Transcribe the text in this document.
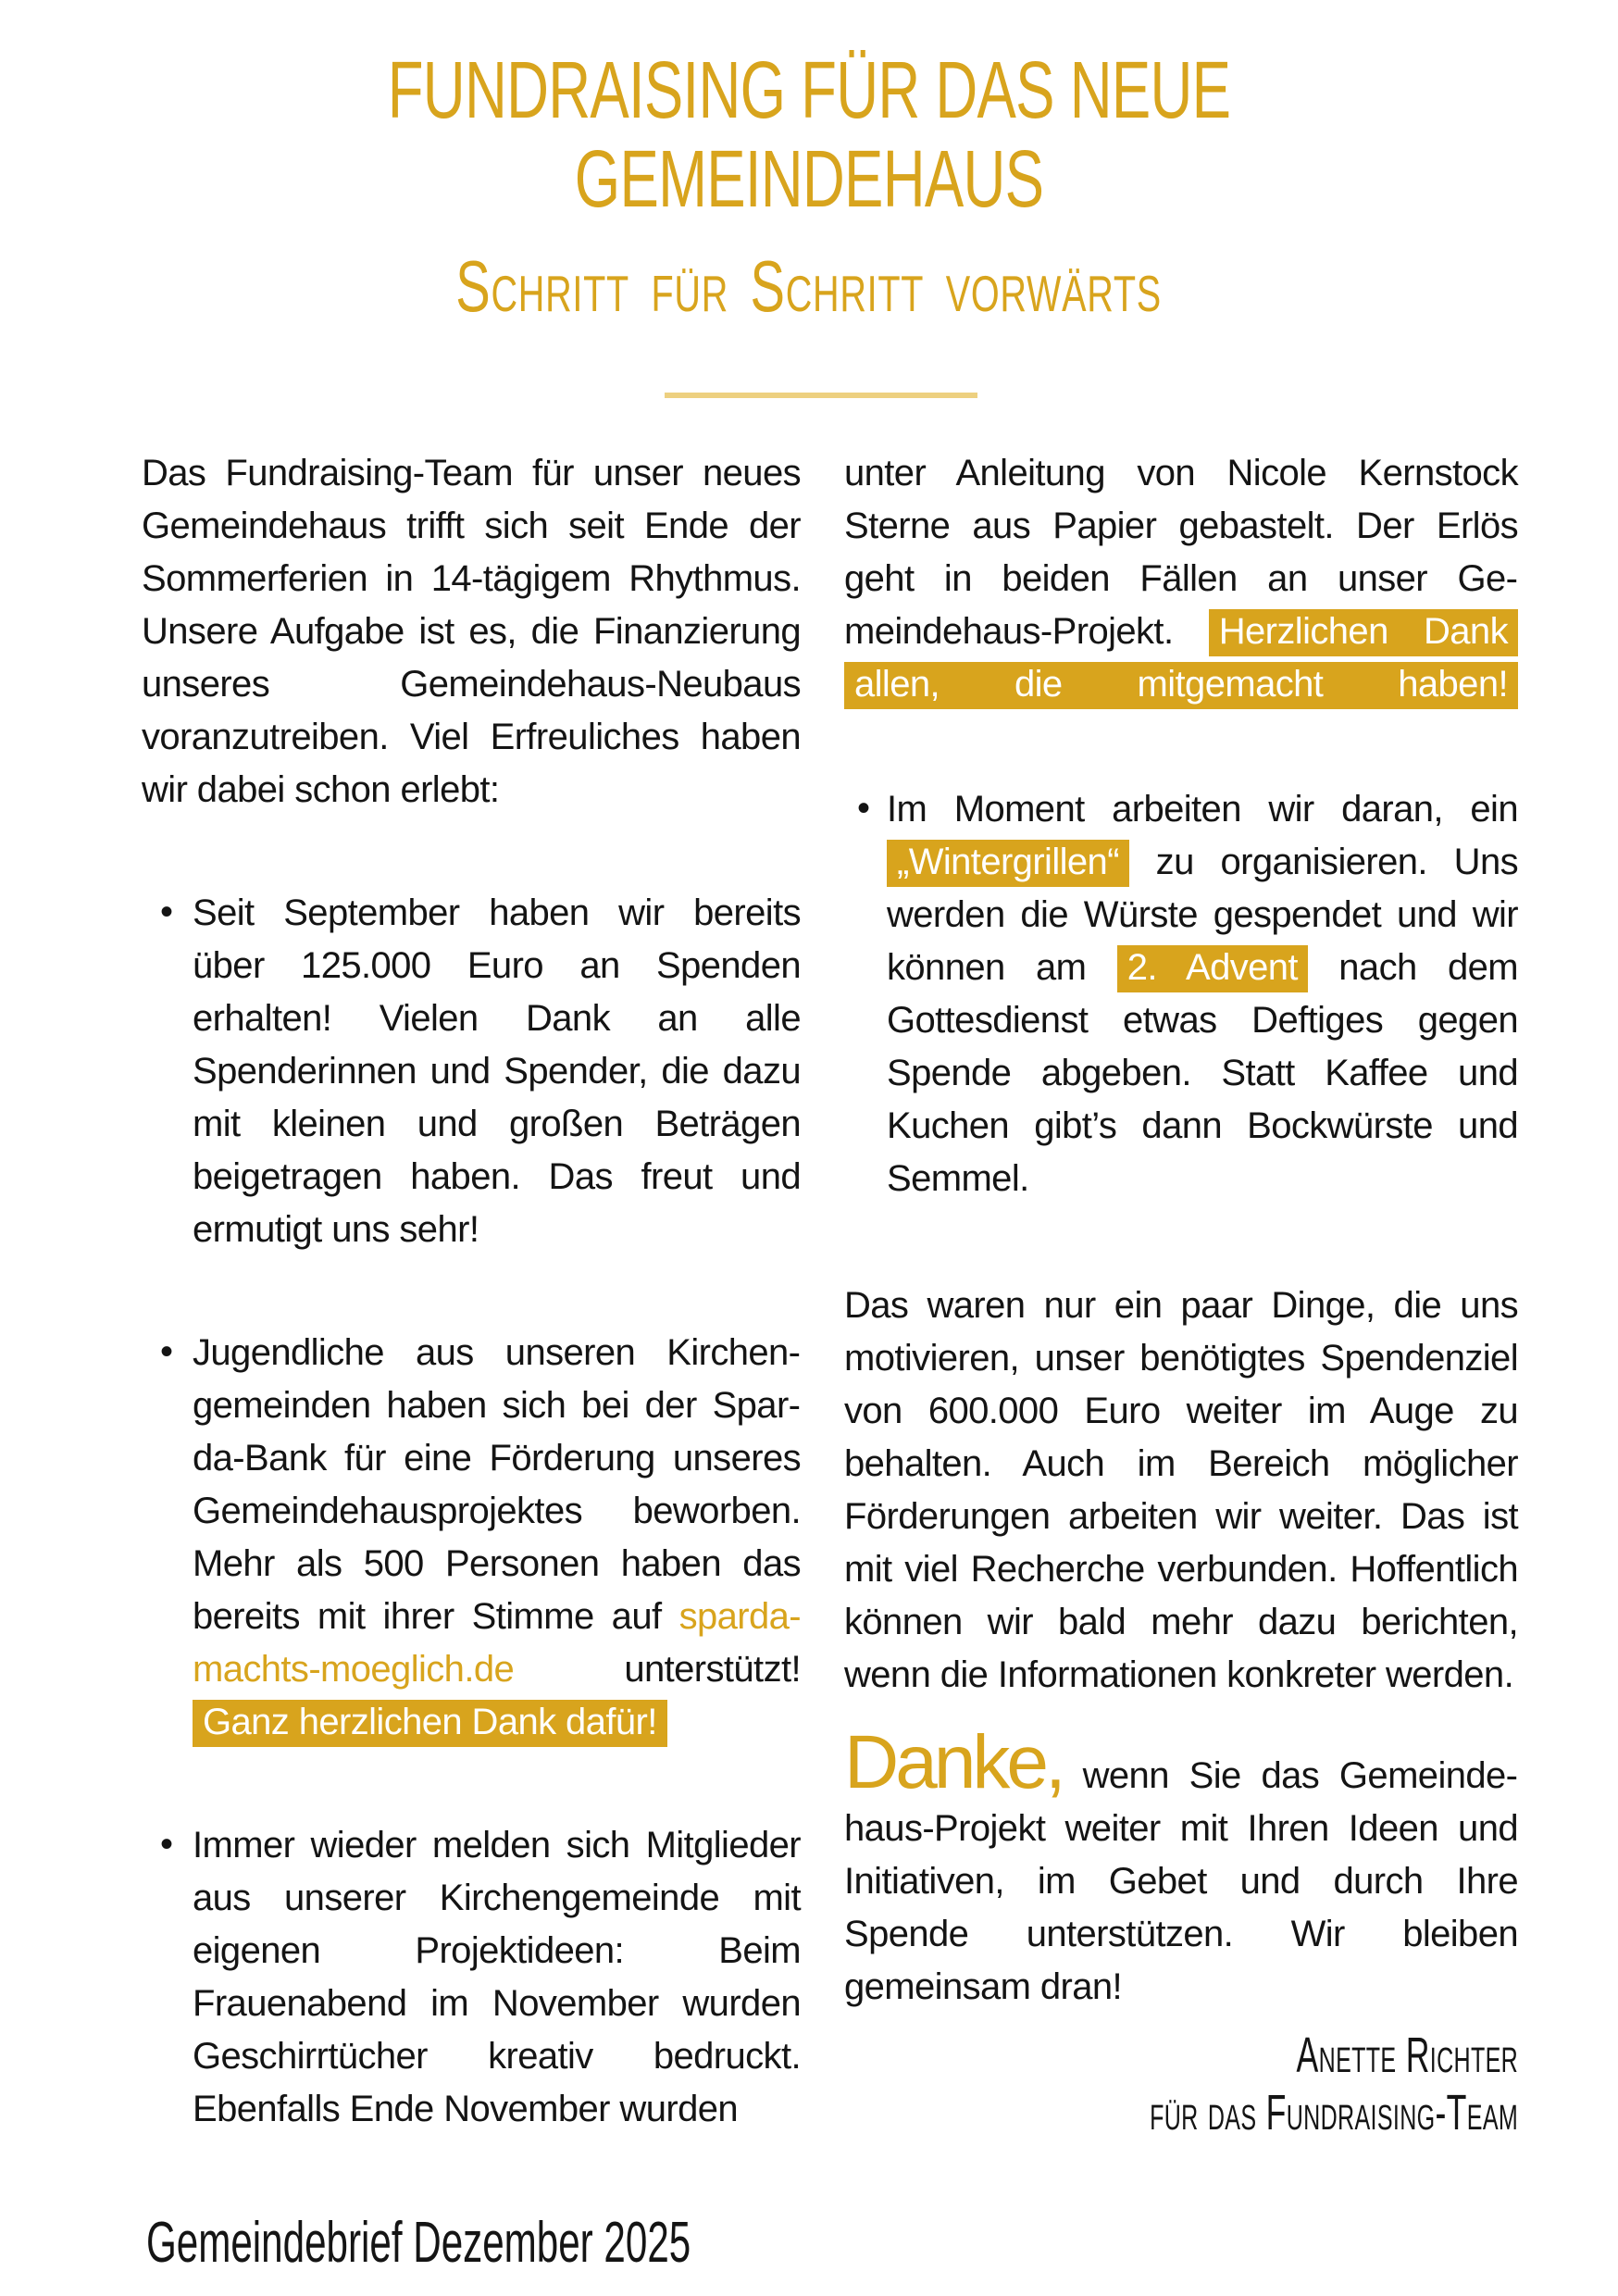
FUNDRAISING FÜR DAS NEUE GEMEINDEHAUS
Schritt für Schritt vorwärts

Das Fundraising-Team für unser neues Gemeindehaus trifft sich seit Ende der Sommerferien in 14-tägigem Rhythmus. Unsere Aufgabe ist es, die Finanzierung unseres Gemeindehaus-Neubaus voranzutreiben. Viel Erfreuliches haben wir dabei schon erlebt:

• Seit September haben wir bereits über 125.000 Euro an Spenden erhalten! Vielen Dank an alle Spenderinnen und Spender, die dazu mit kleinen und großen Beträgen beigetragen haben. Das freut und ermutigt uns sehr!

• Jugendliche aus unseren Kirchengemeinden haben sich bei der Sparda-Bank für eine Förderung unseres Gemeindehausprojektes beworben. Mehr als 500 Personen haben das bereits mit ihrer Stimme auf sparda-machts-moeglich.de unterstützt! Ganz herzlichen Dank dafür!

• Immer wieder melden sich Mitglieder aus unserer Kirchengemeinde mit eigenen Projektideen: Beim Frauenabend im November wurden Geschirrtücher kreativ bedruckt. Ebenfalls Ende November wurden

unter Anleitung von Nicole Kernstock Sterne aus Papier gebastelt. Der Erlös geht in beiden Fällen an unser Gemeindehaus-Projekt. Herzlichen Dank allen, die mitgemacht haben!

• Im Moment arbeiten wir daran, ein „Wintergrillen“ zu organisieren. Uns werden die Würste gespendet und wir können am 2. Advent nach dem Gottesdienst etwas Deftiges gegen Spende abgeben. Statt Kaffee und Kuchen gibt’s dann Bockwürste und Semmel.

Das waren nur ein paar Dinge, die uns motivieren, unser benötigtes Spendenziel von 600.000 Euro weiter im Auge zu behalten. Auch im Bereich möglicher Förderungen arbeiten wir weiter. Das ist mit viel Recherche verbunden. Hoffentlich können wir bald mehr dazu berichten, wenn die Informationen konkreter werden.

Danke, wenn Sie das Gemeindehaus-Projekt weiter mit Ihren Ideen und Initiativen, im Gebet und durch Ihre Spende unterstützen. Wir bleiben gemeinsam dran!

Anette Richter
für das Fundraising-Team
Gemeindebrief Dezember 2025
